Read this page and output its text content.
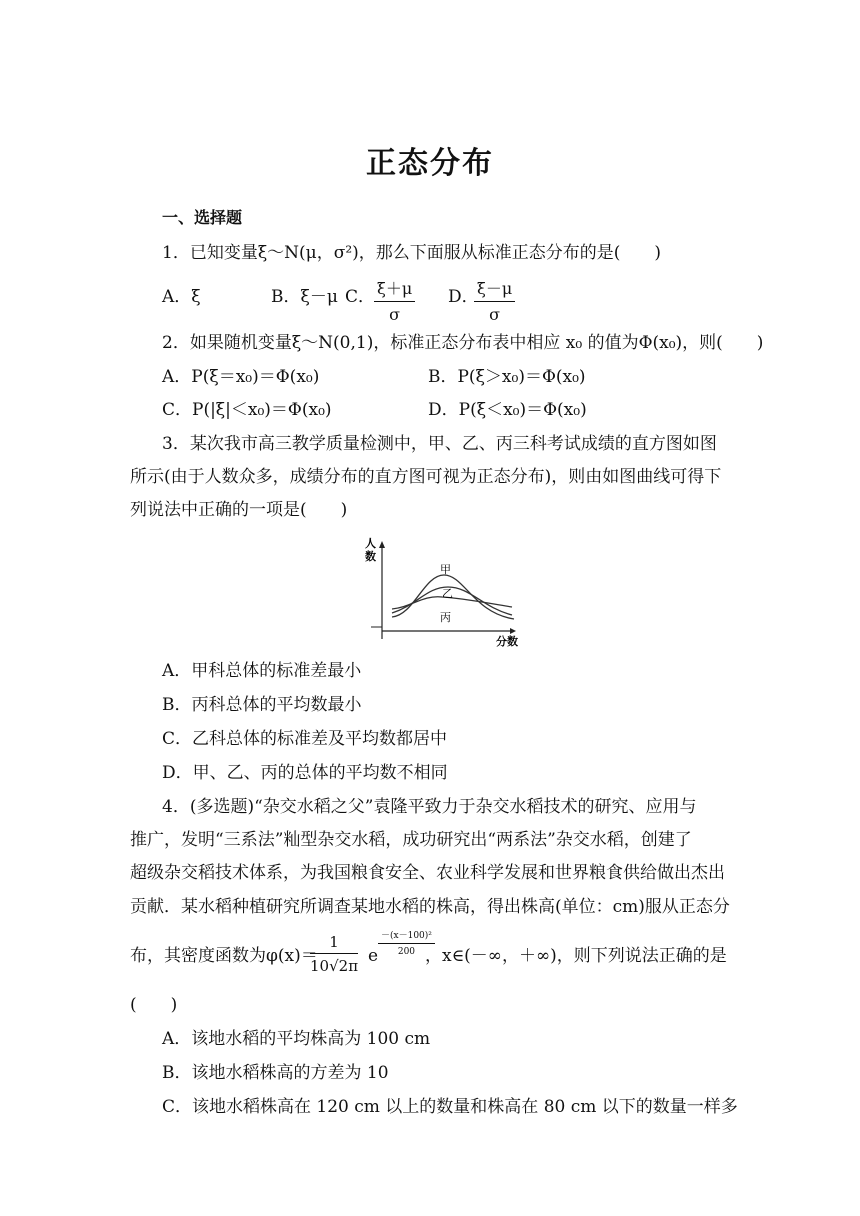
正态分布
一、选择题
1．已知变量ξ～N(μ，σ²)，那么下面服从标准正态分布的是(　　)
A．ξ	B．ξ－μ C．
$\frac{\xi+\mu}{\sigma}$ D．
$\frac{\xi-\mu}{\sigma}$
2．如果随机变量ξ～N(0,1)，标准正态分布表中相应 x₀ 的值为Φ(x₀)，则(　　)
A．P(ξ＝x₀)＝Φ(x₀)	B．P(ξ＞x₀)＝Φ(x₀)
C．P(|ξ|＜x₀)＝Φ(x₀)	D．P(ξ＜x₀)＝Φ(x₀)
3．某次我市高三教学质量检测中，甲、乙、丙三科考试成绩的直方图如图
所示(由于人数众多，成绩分布的直方图可视为正态分布)，则由如图曲线可得下
列说法中正确的一项是(　　)
人
数
分数
甲
乙
丙
A．甲科总体的标准差最小
B．丙科总体的平均数最小
C．乙科总体的标准差及平均数都居中
D．甲、乙、丙的总体的平均数不相同
4．(多选题)“杂交水稻之父”袁隆平致力于杂交水稻技术的研究、应用与
推广，发明“三系法”籼型杂交水稻，成功研究出“两系法”杂交水稻，创建了
超级杂交稻技术体系，为我国粮食安全、农业科学发展和世界粮食供给做出杰出
贡献．某水稻种植研究所调查某地水稻的株高，得出株高(单位：cm)服从正态分
布，其密度函数为φ(x)＝
$\frac{1}{10√2\pi}$ e $\frac{\text{－(x－100)²}}{200}$
，x∈(－∞，＋∞)，则下列说法正确的是
(　　)
A．该地水稻的平均株高为 100 cm
B．该地水稻株高的方差为 10
C．该地水稻株高在 120 cm 以上的数量和株高在 80 cm 以下的数量一样多
